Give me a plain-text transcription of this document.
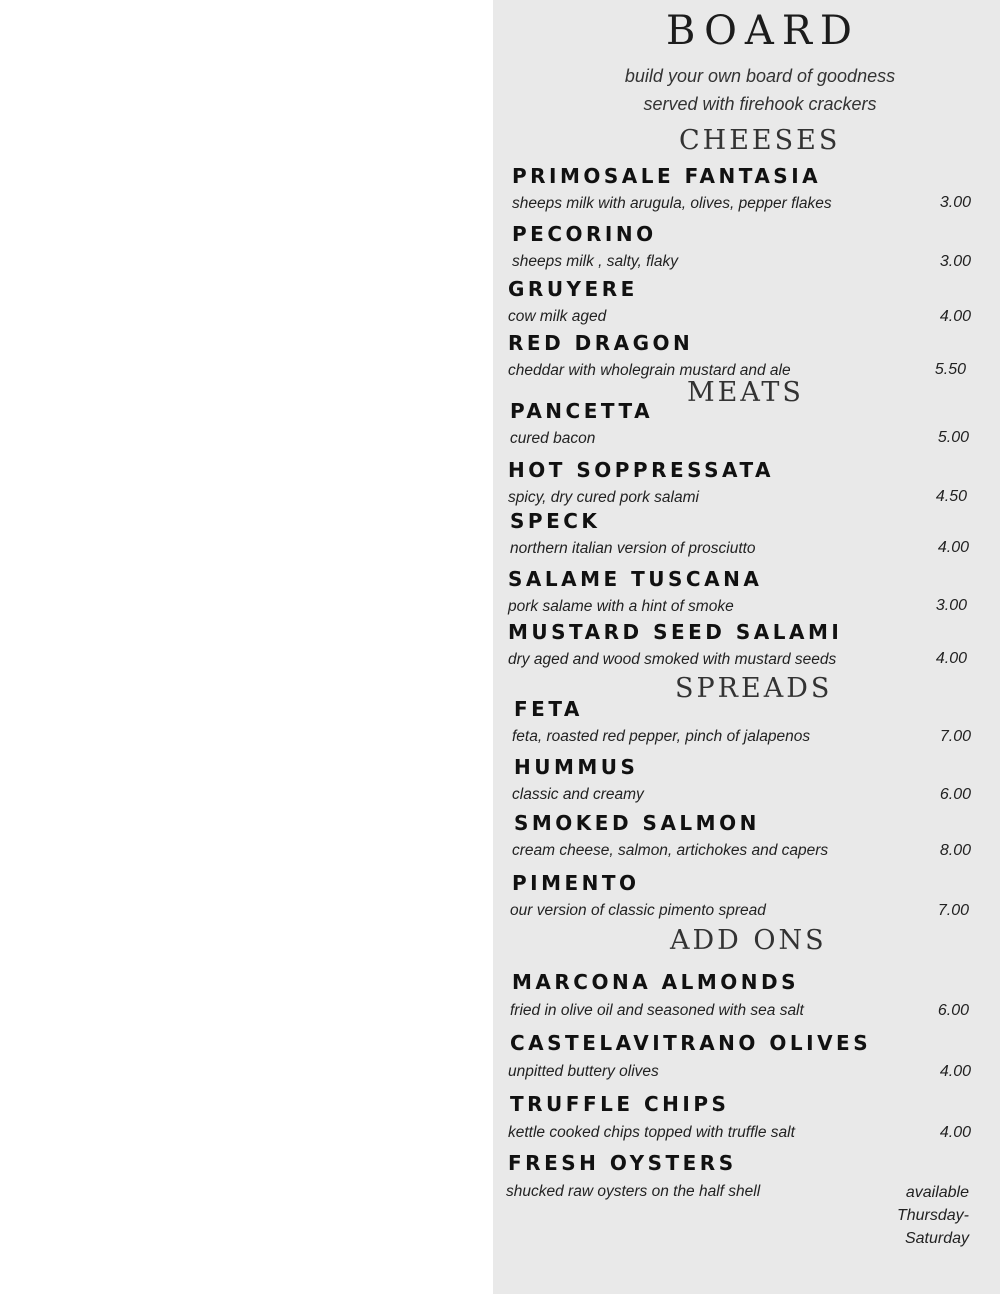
BOARD
build your own board of goodness
served with firehook crackers
CHEESES
PRIMOSALE FANTASIA
sheeps milk with arugula, olives, pepper flakes	3.00
PECORINO
sheeps milk , salty, flaky	3.00
GRUYERE
cow milk aged	4.00
RED DRAGON
cheddar with wholegrain mustard and ale	5.50
MEATS
PANCETTA
cured bacon	5.00
HOT SOPPRESSATA
spicy, dry cured pork salami	4.50
SPECK
northern italian version of prosciutto	4.00
SALAME TUSCANA
pork salame with a hint of smoke	3.00
MUSTARD SEED SALAMI
dry aged and wood smoked with mustard seeds	4.00
SPREADS
FETA
feta, roasted red pepper, pinch of jalapenos	7.00
HUMMUS
classic and creamy	6.00
SMOKED SALMON
cream cheese, salmon, artichokes and capers	8.00
PIMENTO
our version of classic pimento spread	7.00
ADD ONS
MARCONA ALMONDS
fried in olive oil and seasoned with sea salt	6.00
CASTELAVITRANO OLIVES
unpitted buttery olives	4.00
TRUFFLE CHIPS
kettle cooked chips topped with truffle salt	4.00
FRESH OYSTERS
shucked raw oysters on the half shell	available Thursday-Saturday
